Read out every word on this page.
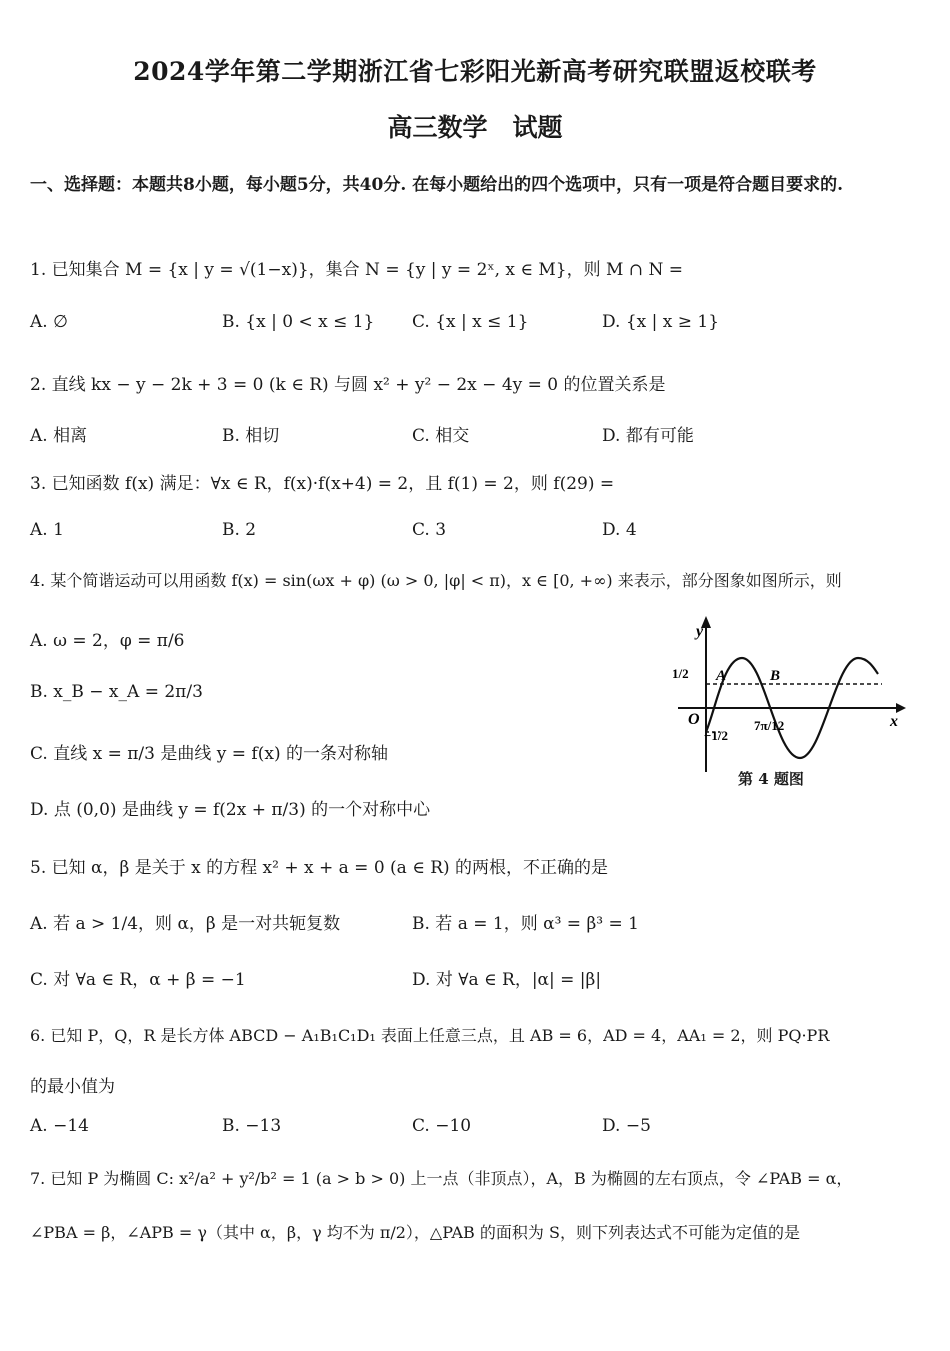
2024学年第二学期浙江省七彩阳光新高考研究联盟返校联考
高三数学　试题
一、选择题：本题共8小题，每小题5分，共40分. 在每小题给出的四个选项中，只有一项是符合题目要求的.
1. 已知集合 M = {x | y = √(1−x)}，集合 N = {y | y = 2ˣ, x ∈ M}，则 M ∩ N =
A. ∅	B. {x | 0 < x ≤ 1} C. {x | x ≤ 1}	D. {x | x ≥ 1}
2. 直线 kx − y − 2k + 3 = 0 (k ∈ R) 与圆 x² + y² − 2x − 4y = 0 的位置关系是
A. 相离	B. 相切	C. 相交	D. 都有可能
3. 已知函数 f(x) 满足：∀x ∈ R，f(x)·f(x+4) = 2，且 f(1) = 2，则 f(29) =
A. 1	B. 2	C. 3	D. 4
4. 某个简谐运动可以用函数 f(x) = sin(ωx + φ) (ω > 0, |φ| < π)，x ∈ [0, +∞) 来表示，部分图象如图所示，则
A. ω = 2，φ = π/6
B. x_B − x_A = 2π/3
C. 直线 x = π/3 是曲线 y = f(x) 的一条对称轴
D. 点 (0,0) 是曲线 y = f(2x + π/3) 的一个对称中心
y
x
O
1/2
−1/2
7π/12
A	B
第 4 题图
5. 已知 α，β 是关于 x 的方程 x² + x + a = 0 (a ∈ R) 的两根，不正确的是
A. 若 a > 1/4，则 α，β 是一对共轭复数	B. 若 a = 1，则 α³ = β³ = 1
C. 对 ∀a ∈ R，α + β = −1	D. 对 ∀a ∈ R，|α| = |β|
6. 已知 P，Q，R 是长方体 ABCD − A₁B₁C₁D₁ 表面上任意三点，且 AB = 6，AD = 4，AA₁ = 2，则 PQ·PR
的最小值为
A. −14	B. −13	C. −10	D. −5
7. 已知 P 为椭圆 C: x²/a² + y²/b² = 1 (a > b > 0) 上一点（非顶点），A，B 为椭圆的左右顶点，令 ∠PAB = α，
∠PBA = β，∠APB = γ（其中 α，β，γ 均不为 π/2），△PAB 的面积为 S，则下列表达式不可能为定值的是
